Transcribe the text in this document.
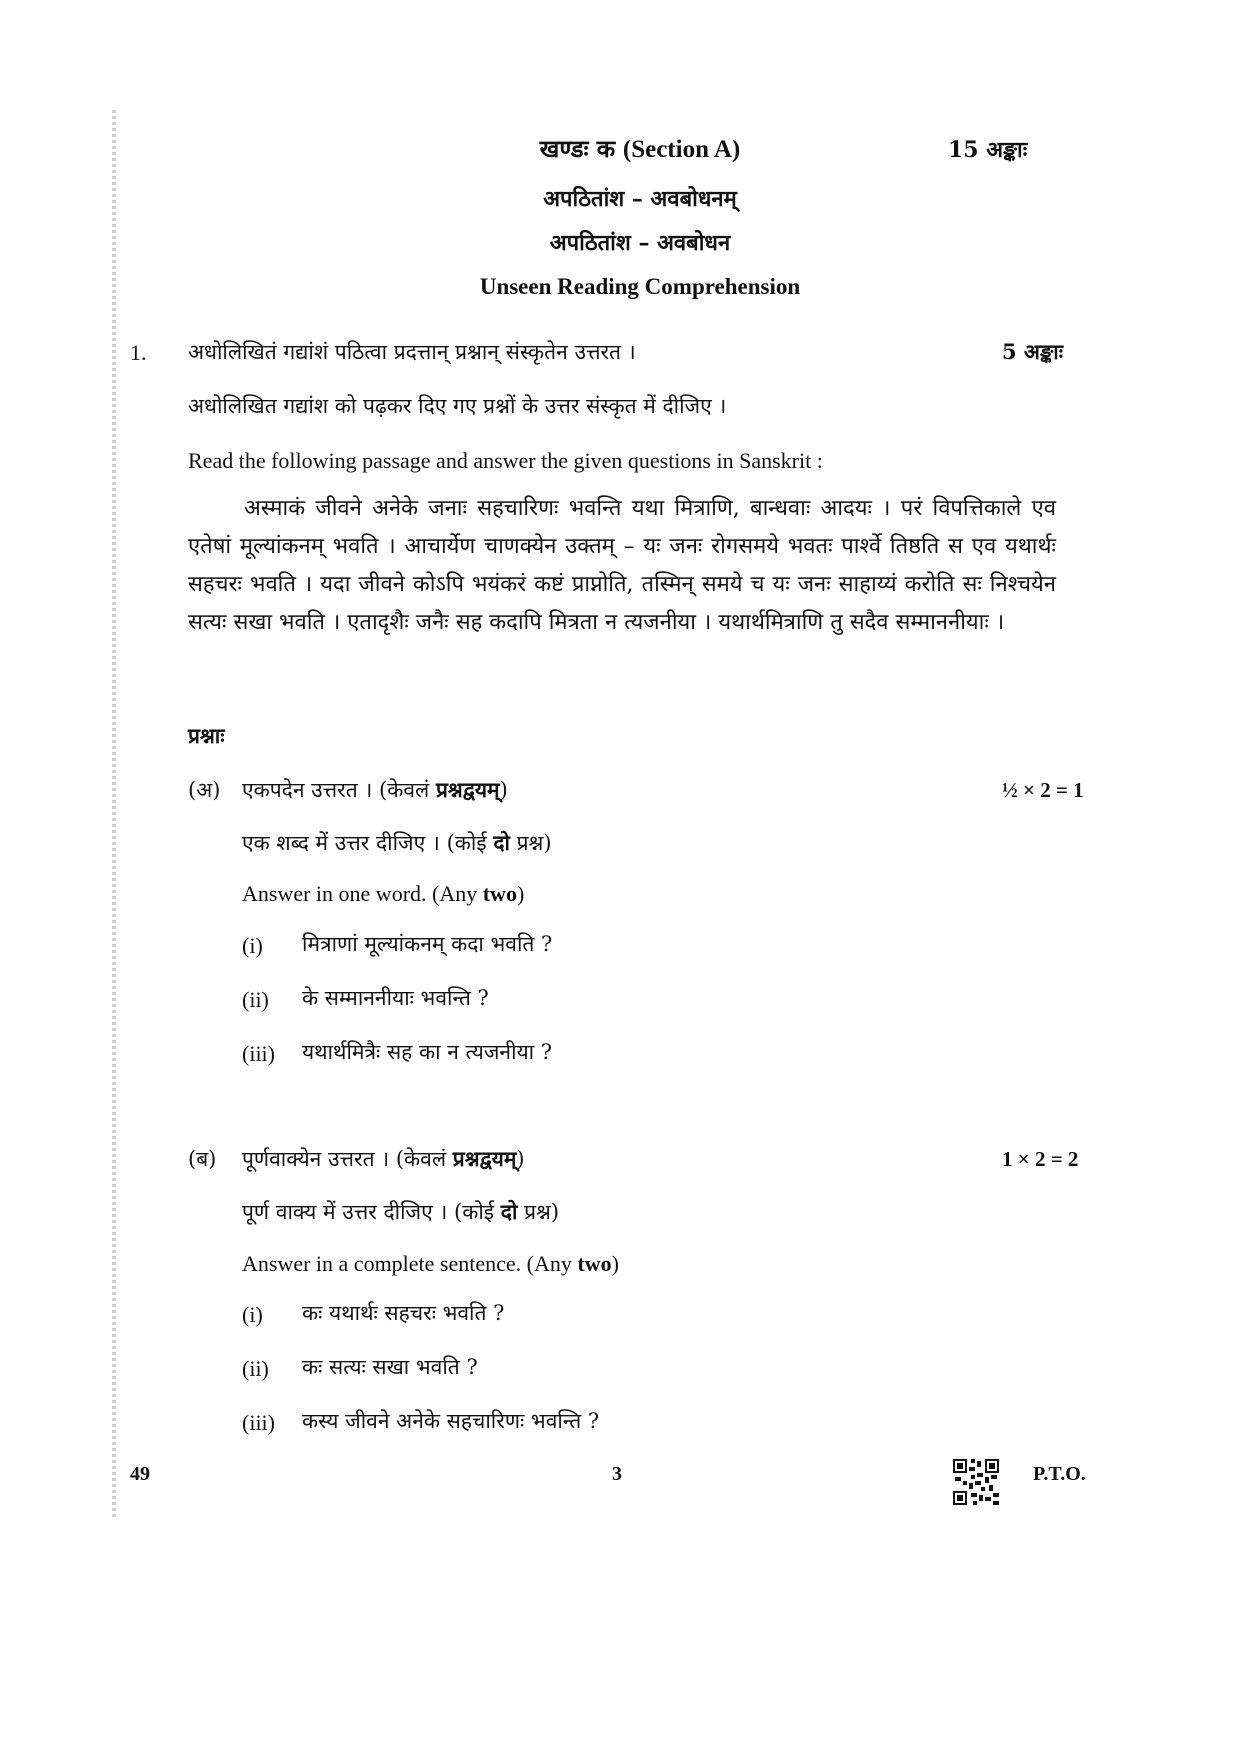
खण्डः क (Section A)	15 अङ्काः
अपठितांश – अवबोधनम्
अपठितांश – अवबोधन
Unseen Reading Comprehension
1. अधोलिखितं गद्यांशं पठित्वा प्रदत्तान् प्रश्नान् संस्कृतेन उत्तरत ।	5 अङ्काः
अधोलिखित गद्यांश को पढ़कर दिए गए प्रश्नों के उत्तर संस्कृत में दीजिए ।
Read the following passage and answer the given questions in Sanskrit :
अस्माकं जीवने अनेके जनाः सहचारिणः भवन्ति यथा मित्राणि, बान्धवाः आदयः । परं विपत्तिकाले एव एतेषां मूल्यांकनम् भवति । आचार्येण चाणक्येन उक्तम् – यः जनः रोगसमये भवतः पार्श्वे तिष्ठति स एव यथार्थः सहचरः भवति । यदा जीवने कोऽपि भयंकरं कष्टं प्राप्नोति, तस्मिन् समये च यः जनः साहाय्यं करोति सः निश्चयेन सत्यः सखा भवति । एतादृशैः जनैः सह कदापि मित्रता न त्यजनीया । यथार्थमित्राणि तु सदैव सम्माननीयाः ।
प्रश्नाः
(अ) एकपदेन उत्तरत । (केवलं प्रश्नद्वयम्)	½ × 2 = 1
एक शब्द में उत्तर दीजिए । (कोई दो प्रश्न)
Answer in one word. (Any two)
(i) मित्राणां मूल्यांकनम् कदा भवति ?
(ii) के सम्माननीयाः भवन्ति ?
(iii) यथार्थमित्रैः सह का न त्यजनीया ?
(ब) पूर्णवाक्येन उत्तरत । (केवलं प्रश्नद्वयम्)	1 × 2 = 2
पूर्ण वाक्य में उत्तर दीजिए । (कोई दो प्रश्न)
Answer in a complete sentence. (Any two)
(i) कः यथार्थः सहचरः भवति ?
(ii) कः सत्यः सखा भवति ?
(iii) कस्य जीवने अनेके सहचारिणः भवन्ति ?
49	3	P.T.O.
